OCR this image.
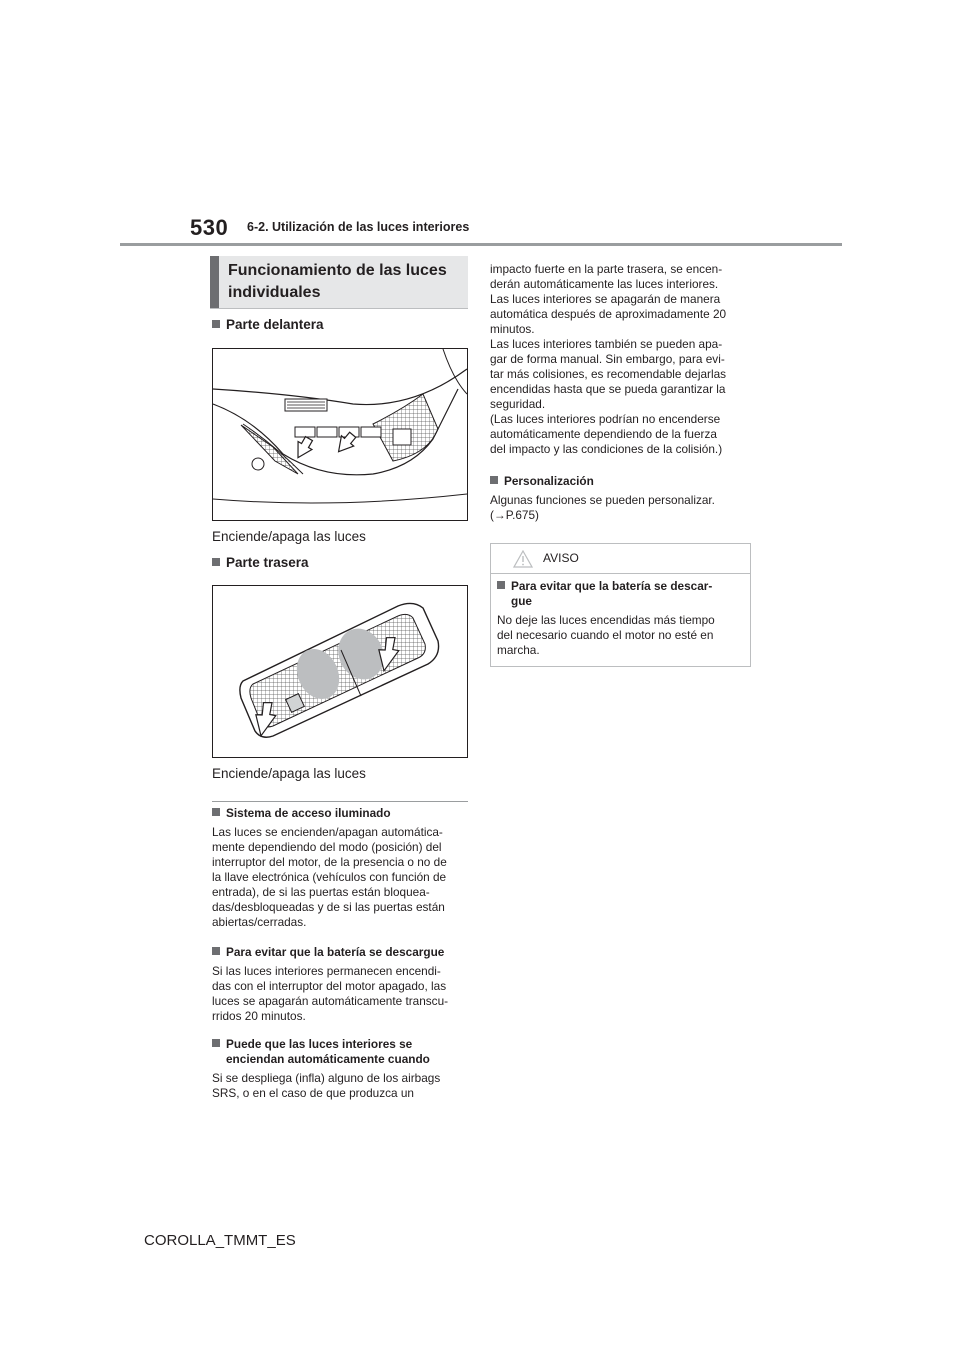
530 6-2. Utilización de las luces interiores
Funcionamiento de las luces
individuales
Parte delantera
Enciende/apaga las luces
Parte trasera
Enciende/apaga las luces
Sistema de acceso iluminado
Las luces se encienden/apagan automática-
mente dependiendo del modo (posición) del
interruptor del motor, de la presencia o no de
la llave electrónica (vehículos con función de
entrada), de si las puertas están bloquea-
das/desbloqueadas y de si las puertas están
abiertas/cerradas.
Para evitar que la batería se descargue
Si las luces interiores permanecen encendi-
das con el interruptor del motor apagado, las
luces se apagarán automáticamente transcu-
rridos 20 minutos.
Puede que las luces interiores se
enciendan automáticamente cuando
Si se despliega (infla) alguno de los airbags
SRS, o en el caso de que produzca un
impacto fuerte en la parte trasera, se encen-
derán automáticamente las luces interiores.
Las luces interiores se apagarán de manera
automática después de aproximadamente 20
minutos.
Las luces interiores también se pueden apa-
gar de forma manual. Sin embargo, para evi-
tar más colisiones, es recomendable dejarlas
encendidas hasta que se pueda garantizar la
seguridad.
(Las luces interiores podrían no encenderse
automáticamente dependiendo de la fuerza
del impacto y las condiciones de la colisión.)
Personalización
Algunas funciones se pueden personalizar.
(→P.675)
AVISO
Para evitar que la batería se descar-
gue
No deje las luces encendidas más tiempo
del necesario cuando el motor no esté en
marcha.
COROLLA_TMMT_ES
